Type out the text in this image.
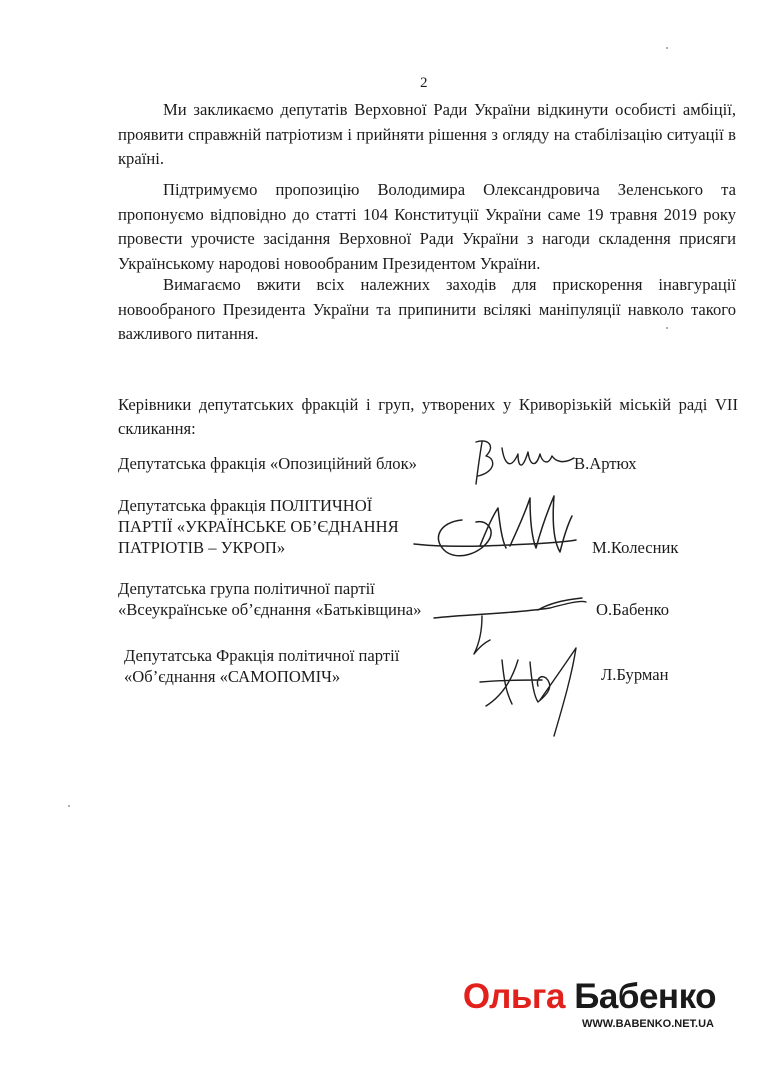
2
Ми закликаємо депутатів Верховної Ради України відкинути особисті амбіції, проявити справжній патріотизм і прийняти рішення з огляду на стабілізацію ситуації в країні.
Підтримуємо пропозицію Володимира Олександровича Зеленського та пропонуємо відповідно до статті 104 Конституції України саме 19 травня 2019 року провести урочисте засідання Верховної Ради України з нагоди складення присяги Українському народові новообраним Президентом України.
Вимагаємо вжити всіх належних заходів для прискорення інавгурації новообраного Президента України та припинити всілякі маніпуляції навколо такого важливого питання.
Керівники депутатських фракцій і груп, утворених у Криворізькій міській раді VII скликання:
Депутатська фракція «Опозиційний блок»	В.Артюх
Депутатська фракція ПОЛІТИЧНОЇ
ПАРТІЇ «УКРАЇНСЬКЕ ОБ’ЄДНАННЯ
ПАТРІОТІВ – УКРОП»	М.Колесник
Депутатська група політичної партії
«Всеукраїнське об’єднання «Батьківщина»	О.Бабенко
Депутатська Фракція політичної партії
«Об’єднання «САМОПОМІЧ»	Л.Бурман
Ольга Бабенко
WWW.BABENKO.NET.UA
